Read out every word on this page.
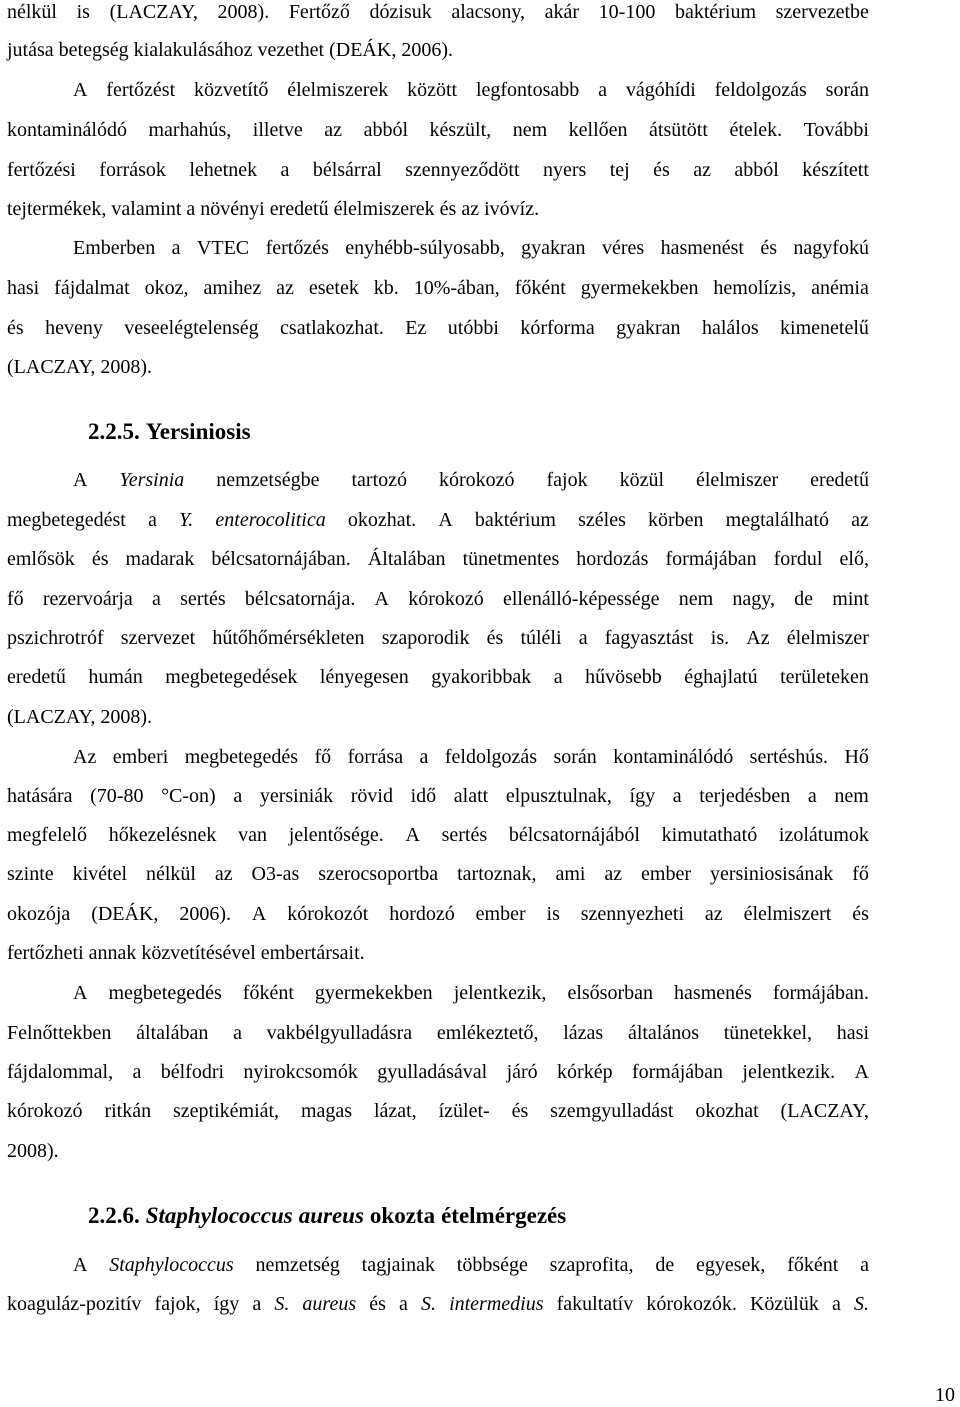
nélkül is (LACZAY, 2008). Fertőző dózisuk alacsony, akár 10-100 baktérium szervezetbe
jutása betegség kialakulásához vezethet (DEÁK, 2006).
A fertőzést közvetítő élelmiszerek között legfontosabb a vágóhídi feldolgozás során
kontaminálódó marhahús, illetve az abból készült, nem kellően átsütött ételek. További
fertőzési források lehetnek a bélsárral szennyeződött nyers tej és az abból készített
tejtermékek, valamint a növényi eredetű élelmiszerek és az ivóvíz.
Emberben a VTEC fertőzés enyhébb-súlyosabb, gyakran véres hasmenést és nagyfokú
hasi fájdalmat okoz, amihez az esetek kb. 10%-ában, főként gyermekekben hemolízis, anémia
és heveny veseelégtelenség csatlakozhat. Ez utóbbi kórforma gyakran halálos kimenetelű
(LACZAY, 2008).
2.2.5. Yersiniosis
A Yersinia nemzetségbe tartozó kórokozó fajok közül élelmiszer eredetű
megbetegedést a Y. enterocolitica okozhat. A baktérium széles körben megtalálható az
emlősök és madarak bélcsatornájában. Általában tünetmentes hordozás formájában fordul elő,
fő rezervoárja a sertés bélcsatornája. A kórokozó ellenálló-képessége nem nagy, de mint
pszichrotróf szervezet hűtőhőmérsékleten szaporodik és túléli a fagyasztást is. Az élelmiszer
eredetű humán megbetegedések lényegesen gyakoribbak a hűvösebb éghajlatú területeken
(LACZAY, 2008).
Az emberi megbetegedés fő forrása a feldolgozás során kontaminálódó sertéshús. Hő
hatására (70-80 °C-on) a yersiniák rövid idő alatt elpusztulnak, így a terjedésben a nem
megfelelő hőkezelésnek van jelentősége. A sertés bélcsatornájából kimutatható izolátumok
szinte kivétel nélkül az O3-as szerocsoportba tartoznak, ami az ember yersiniosisának fő
okozója (DEÁK, 2006). A kórokozót hordozó ember is szennyezheti az élelmiszert és
fertőzheti annak közvetítésével embertársait.
A megbetegedés főként gyermekekben jelentkezik, elsősorban hasmenés formájában.
Felnőttekben általában a vakbélgyulladásra emlékeztető, lázas általános tünetekkel, hasi
fájdalommal, a bélfodri nyirokcsomók gyulladásával járó kórkép formájában jelentkezik. A
kórokozó ritkán szeptikémiát, magas lázat, ízület- és szemgyulladást okozhat (LACZAY,
2008).
2.2.6. Staphylococcus aureus okozta ételmérgezés
A Staphylococcus nemzetség tagjainak többsége szaprofita, de egyesek, főként a
koaguláz-pozitív fajok, így a S. aureus és a S. intermedius fakultatív kórokozók. Közülük a S.
10
